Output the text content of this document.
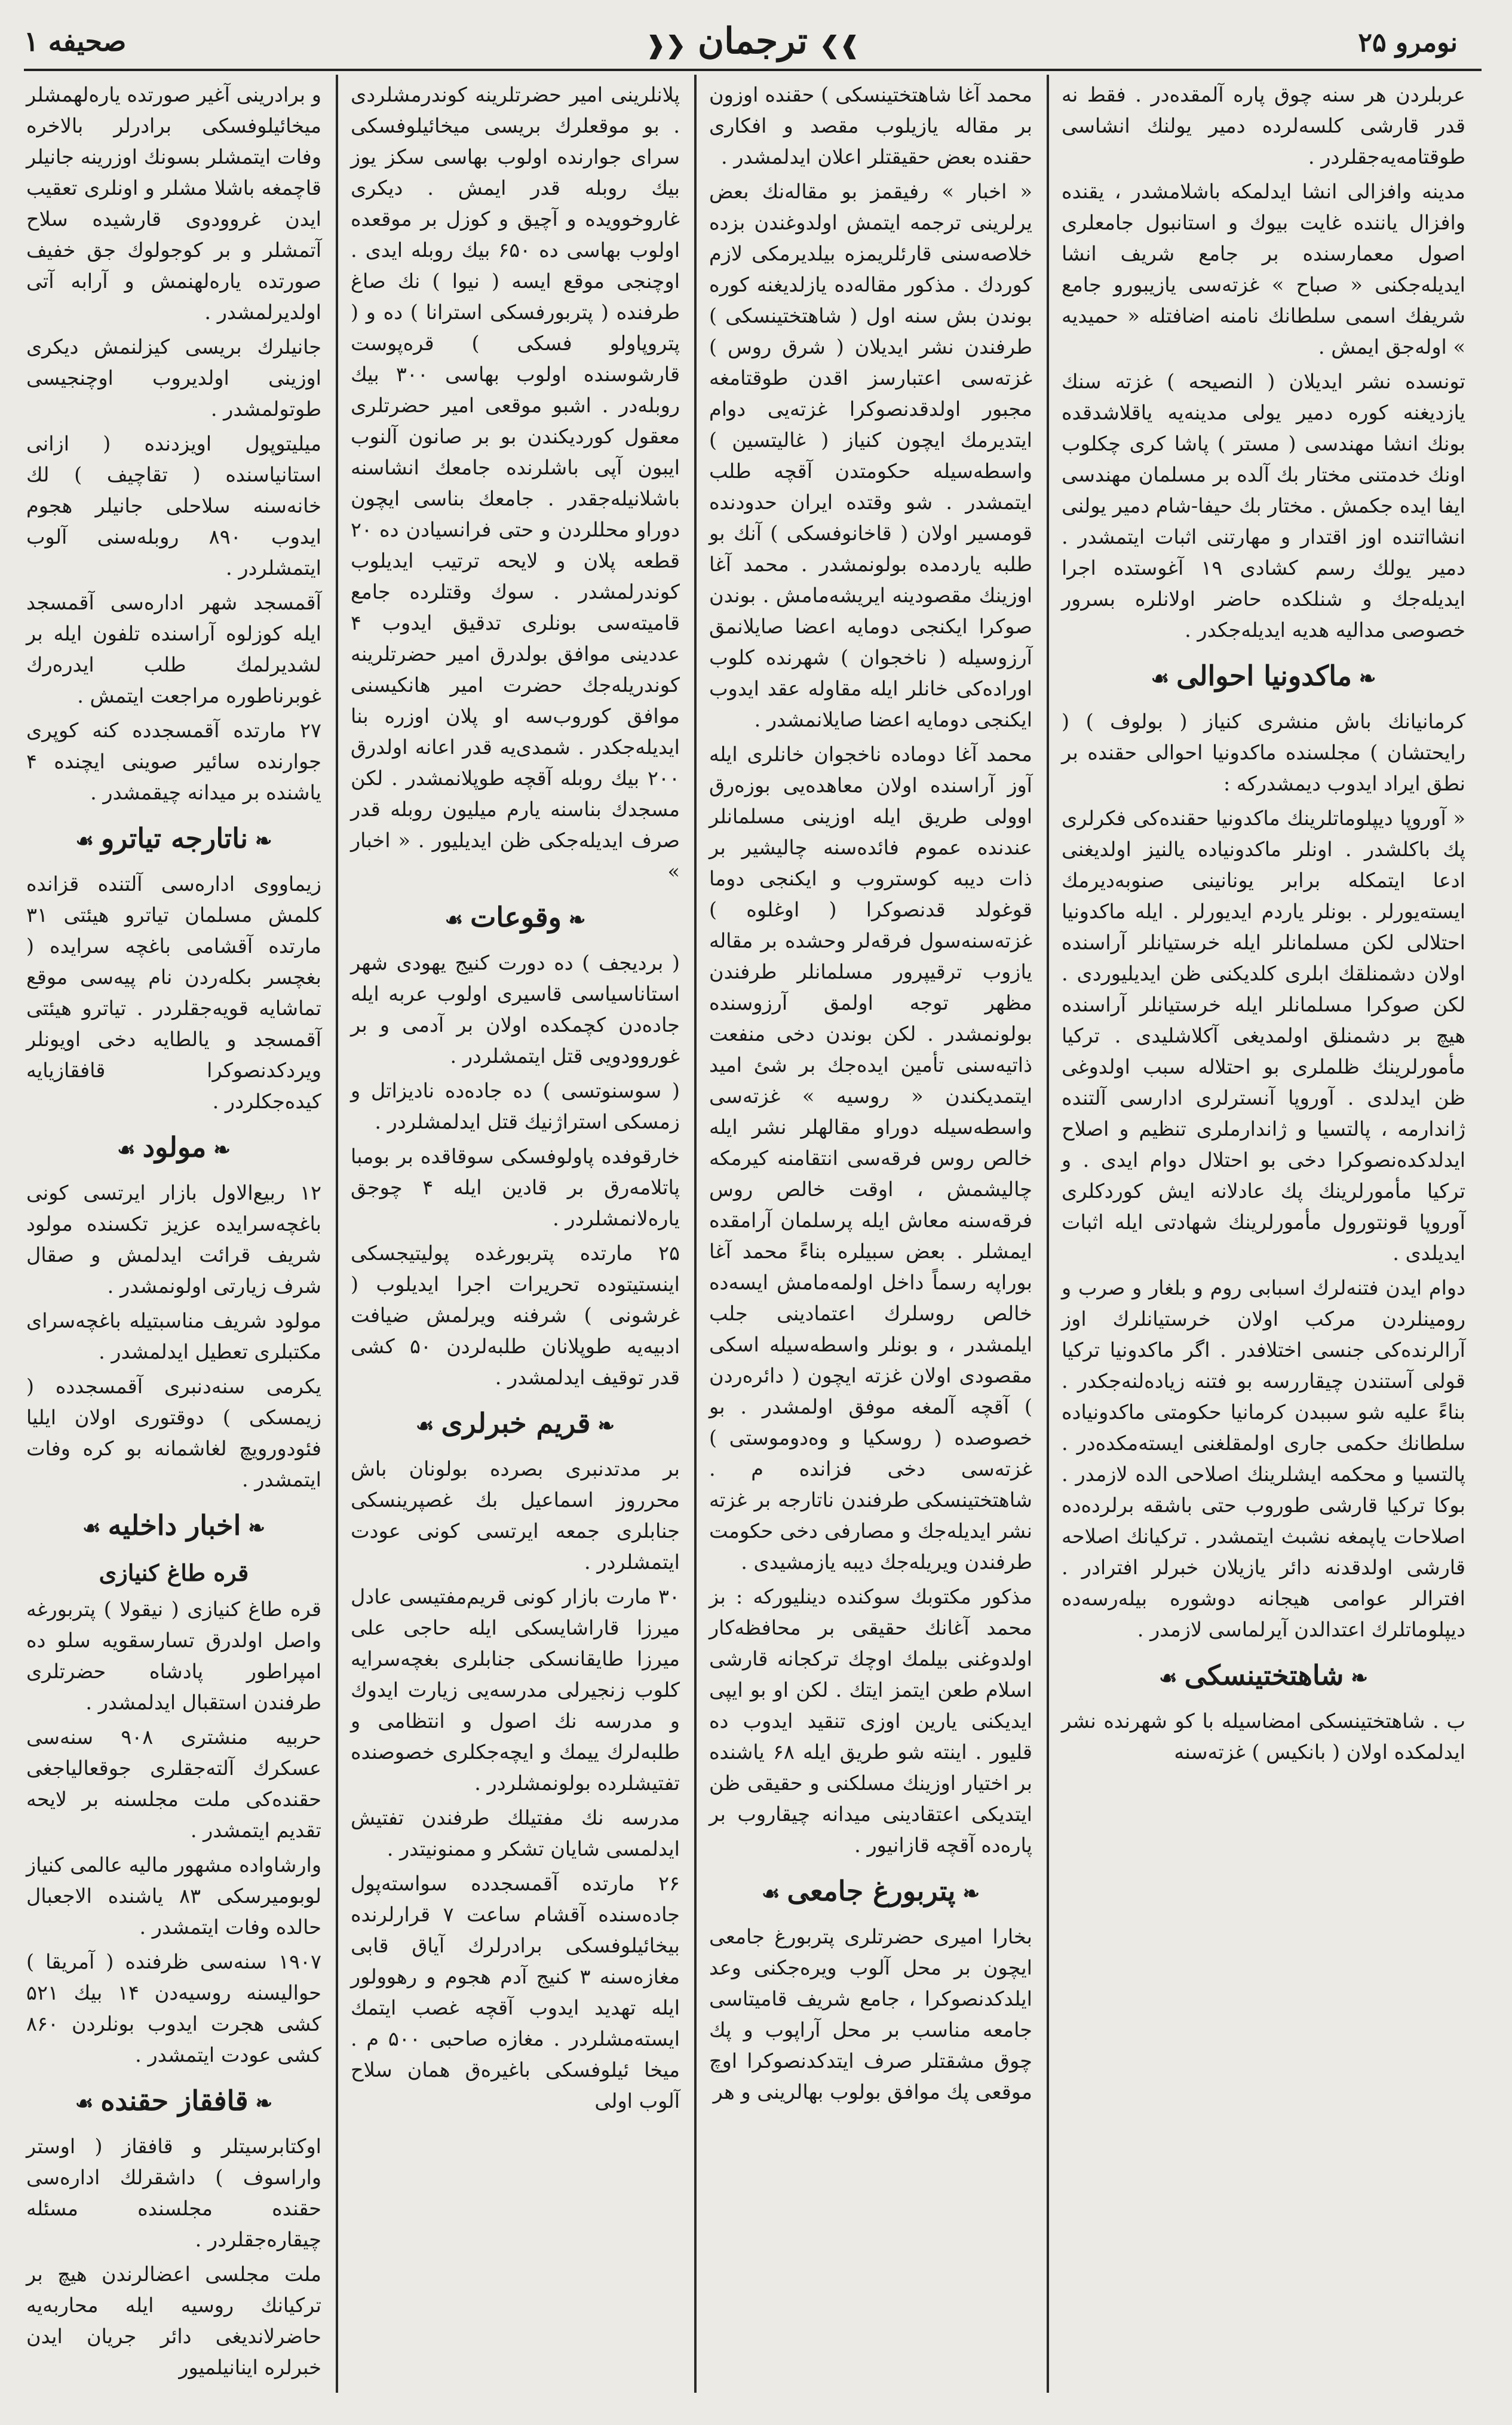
صحیفه ۱	❱❯ترجمان❮❰	نومرو ۲۵

عربلردن هر سنه چوق پاره آلمقده‌در . فقط نه قدر قارشی کلسه‌لرده دمیر یولنك انشاسی طوقتامه‌یه‌جقلردر .

مدینه وافزالی انشا ایدلمکه باشلامشدر ، یقنده وافزال یاننده غایت بیوك و استانبول جامعلری اصول معمارسنده بر جامع شریف انشا ایدیله‌جکنی « صباح » غزته‌سی یازیبورو جامع شریفك اسمی سلطانك نامنه اضافتله « حمیدیه » اوله‌جق ایمش .

تونسده نشر ایدیلان ( النصیحه ) غزته سنك یازدیغنه کوره دمیر یولی مدینه‌یه یاقلاشدقده بونك انشا مهندسی ( مستر ) پاشا کری چکلوب اونك خدمتنی مختار بك آلده بر مسلمان مهندسی ایفا ایده جکمش . مختار بك حیفا-شام دمیر یولنی انشااتنده اوز اقتدار و مهارتنی اثبات ایتمشدر . دمیر یولك رسم کشادی ۱۹ آغوستده اجرا ایدیله‌جك و شنلکده حاضر اولانلره بسرور خصوصی مدالیه هدیه ایدیله‌جکدر .

❧ماکدونیا احوالی☙

کرمانیانك باش منشری کنیاز ( بولوف ) ( رایحتشان ) مجلسنده ماکدونیا احوالی حقنده بر نطق ایراد ایدوب دیمشدرکه :

« آوروپا دیپلوماتلرینك ماکدونیا حقنده‌کی فکرلری پك باکلشدر . اونلر ماکدونیاده یالنیز اولدیغنی ادعا ایتمکله برابر یونانینی صنوبه‌دیرمك ایسته‌یورلر . بونلر یاردم ایدیورلر . ایله ماکدونیا احتلالی لکن مسلمانلر ایله خرستیانلر آراسنده اولان دشمنلقك ابلری کلدیکنی ظن ایدیلیوردی . لکن صوکرا مسلمانلر ایله خرستیانلر آراسنده هیچ بر دشمنلق اولمدیغی آکلاشلیدی . ترکیا مأمورلرینك ظلملری بو احتلاله سبب اولدوغی ظن ایدلدی . آوروپا آنسترلری ادارسی آلتنده ژاندارمه ، پالتسیا و ژاندارملری تنظیم و اصلاح ایدلدکده‌نصوکرا دخی بو احتلال دوام ایدی . و ترکیا مأمورلرینك پك عادلانه ایش کوردکلری آوروپا قونتورول مأمورلرینك شهادتی ایله اثبات ایدیلدی .

دوام ایدن فتنه‌لرك اسبابی روم و بلغار و صرب و رومینلردن مرکب اولان خرستیانلرك اوز آرالرنده‌کی جنسی اختلافدر . اگر ماکدونیا ترکیا قولی آستندن چیقاررسه بو فتنه زیاده‌لنه‌جکدر . بناءً علیه شو سببدن کرمانیا حکومتی ماکدونیاده سلطانك حکمی جاری اولمقلغنی ایسته‌مکده‌در . پالتسیا و محکمه ایشلرینك اصلاحی الده لازمدر . بوکا ترکیا قارشی طوروب حتی باشقه برلرده‌ده اصلاحات یاپمغه نشبث ایتمشدر . ترکیانك اصلاحه قارشی اولدقدنه دائر یازیلان خبرلر افترادر . افترالر عوامی هیجانه دوشوره بیله‌رسه‌ده دیپلوماتلرك اعتدالدن آیرلماسی لازمدر .

❧شاهتختینسکی☙

ب . شاهتختینسکی امضاسیله با کو شهرنده نشر ایدلمکده اولان ( بانکیس ) غزته‌سنه

محمد آغا شاهتختینسکی ) حقنده اوزون بر مقاله یازیلوب مقصد و افکاری حقنده بعض حقیقتلر اعلان ایدلمشدر .

« اخبار » رفیقمز بو مقاله‌نك بعض یرلرینی ترجمه ایتمش اولدوغندن بزده خلاصه‌سنی قارئلریمزه بیلدیرمکی لازم کوردك . مذکور مقاله‌ده یازلدیغنه کوره بوندن بش سنه اول ( شاهتختینسکی ) طرفندن نشر ایدیلان ( شرق روس ) غزته‌سی اعتبارسز اقدن طوقتامغه مجبور اولدقدنصوکرا غزته‌یی دوام ایتدیرمك ایچون کنیاز ( غالیتسین ) واسطه‌سیله حکومتدن آقچه طلب ایتمشدر . شو وقتده ایران حدودنده قومسیر اولان ( قاخانوفسکی ) آنك بو طلبه یاردمده بولونمشدر . محمد آغا اوزینك مقصودینه ایریشه‌مامش . بوندن صوکرا ایکنجی دومایه اعضا صایلانمق آرزوسیله ( ناخجوان ) شهرنده کلوب اوراده‌کی خانلر ایله مقاوله عقد ایدوب ایکنجی دومایه اعضا صایلانمشدر .

محمد آغا دوماده ناخجوان خانلری ایله آوز آراسنده اولان معاهده‌یی بوزه‌رق اوولی طریق ایله اوزینی مسلمانلر عندنده عموم فائده‌سنه چالیشیر بر ذات دیبه کوستروب و ایکنجی دوما قوغولد قدنصوکرا ( اوغلوه ) غزته‌سنه‌سول فرقه‌لر وحشده بر مقاله یازوب ترقیپرور مسلمانلر طرفندن مظهر توجه اولمق آرزوسنده بولونمشدر . لکن بوندن دخی منفعت ذاتیه‌سنی تأمین ایده‌جك بر شئ امید ایتمدیکندن « روسیه » غزته‌سی واسطه‌سیله دوراو مقالهلر نشر ایله خالص روس فرقه‌سی انتقامنه کیرمکه چالیشمش ، اوقت خالص روس فرقه‌سنه معاش ایله پرسلمان آرامقده ایمشلر . بعض سبیلره بناءً محمد آغا بوراپه رسماً داخل اولمه‌مامش ایسه‌ده خالص روسلرك اعتمادینی جلب ایلمشدر ، و بونلر واسطه‌سیله اسکی مقصودی اولان غزته ایچون ( دائره‌ردن ) آقچه آلمغه موفق اولمشدر . بو خصوصده ( روسکیا و وه‌دوموستی ) غزته‌سی دخی فزانده م . شاهتختینسکی طرفندن ناتارجه بر غزته نشر ایدیله‌جك و مصارفی دخی حکومت طرفندن ویریله‌جك دیبه یازمشیدی .

مذکور مکتوبك سوکنده دینلیورکه : بز محمد آغانك حقیقی بر محافظه‌کار اولدوغنی بیلمك اوچك ترکجانه قارشی اسلام طعن ایتمز ایتك . لکن او بو ایپی ایدیکنی یارین اوزی تنقید ایدوب ده قلیور . اینته شو طریق ایله ۶۸ یاشنده بر اختیار اوزینك مسلکنی و حقیقی ظن ایتدیکی اعتقادینی میدانه چیقاروب بر پاره‌ده آقچه قازانیور .

❧پتربورغ جامعی☙

بخارا امیری حضرتلری پتربورغ جامعی ایچون بر محل آلوب ویره‌جکنی وعد ایلدکدنصوکرا ، جامع شریف قامیتاسی جامعه مناسب بر محل آراپوب و پك چوق مشقتلر صرف ایتدکدنصوکرا اوچ موقعی پك موافق بولوب بهالرینی و هر

پلانلرینی امیر حضرتلرینه کوندرمشلردی . بو موقعلرك بریسی میخائیلوفسکی سرای جوارنده اولوب بهاسی سکز یوز بیك روبله قدر ایمش . دیکری غاروخوویده و آچیق و کوزل بر موقعده اولوب بهاسی ده ۶۵۰ بیك روبله ایدی . اوچنجی موقع ایسه ( نیوا ) نك صاغ طرفنده ( پتربورفسکی استرانا ) ده و ( پتروپاولو فسکی ) قره‌پوست قارشوسنده اولوب بهاسی ۳۰۰ بیك روبله‌در . اشبو موقعی امیر حضرتلری معقول کوردیکندن بو بر صانون آلنوب ایبون آپی باشلرنده جامعك انشاسنه باشلانیله‌جقدر . جامعك بناسی ایچون دوراو محللردن و حتی فرانسیادن ده ۲۰ قطعه پلان و لایحه ترتیب ایدیلوب کوندرلمشدر . سوك وقتلرده جامع قامیته‌سی بونلری تدقیق ایدوب ۴ عددینی موافق بولدرق امیر حضرتلرینه کوندریله‌جك حضرت امیر هانکیسنی موافق کوروب‌سه او پلان اوزره بنا ایدیله‌جکدر . شمدی‌یه قدر اعانه اولدرق ۲۰۰ بیك روبله آقچه طوپلانمشدر . لکن مسجدك بناسنه یارم میلیون روبله قدر صرف ایدیله‌جکی ظن ایدیلیور . « اخبار »

❧وقوعات☙

( بردیجف ) ده دورت کنیج یهودی شهر استاناسیاسی قاسیری اولوب عربه ایله جاده‌دن کچمکده اولان بر آدمی و بر غوروودویی قتل ایتمشلردر .

( سوسنوتسی ) ده جاده‌ده نادیزاتل و زمسکی استراژنیك قتل ایدلمشلردر .

خارقوفده پاولوفسکی سوقاقده بر بومبا پاتلامه‌رق بر قادین ایله ۴ چوجق یاره‌لانمشلردر .

۲۵ مارتده پتربورغده پولیتیجسکی اینستیتوده تحریرات اجرا ایدیلوب ( غرشونی ) شرفنه ویرلمش ضیافت ادبیه‌یه طوپلانان طلبه‌لردن ۵۰ کشی قدر توقیف ایدلمشدر .

❧قریم خبرلری☙

بر مدتدنبری بصرده بولونان باش محرروز اسماعیل بك غصپرینسکی جنابلری جمعه ایرتسی کونی عودت ایتمشلردر .

۳۰ مارت بازار کونی قریم‌مفتیسی عادل میرزا قاراشایسکی ایله حاجی علی میرزا طایقانسکی جنابلری بغچه‌سرایه کلوب زنجیرلی مدرسه‌یی زیارت ایدوك و مدرسه نك اصول و انتظامی و طلبه‌لرك ییمك و ایچه‌جکلری خصوصنده تفتیشلرده بولونمشلردر .

مدرسه نك مفتیلك طرفندن تفتیش ایدلمسی شایان تشکر و ممنونیتدر .

۲۶ مارتده آقمسجدده سواسته‌پول جاده‌سنده آقشام ساعت ۷ قرارلرنده بیخائیلوفسکی برادرلرك آیاق قابی مغازه‌سنه ۳ کنیج آدم هجوم و رهوولور ایله تهدید ایدوب آقچه غصب ایتمك ایسته‌مشلردر . مغازه صاحبی ۵۰۰ م . میخا ئیلوفسکی باغیره‌ق همان سلاح آلوب اولی

و برادرینی آغیر صورتده یاره‌لهمشلر میخائیلوفسکی برادرلر بالاخره وفات ایتمشلر بسونك اوزرینه جانیلر قاچمغه باشلا مشلر و اونلری تعقیب ایدن غروودوی قارشیده سلاح آتمشلر و بر کوجولوك جق خفیف صورتده یاره‌لهنمش و آرابه آتی اولدیرلمشدر .

جانیلرك بریسی کیزلنمش دیکری اوزینی اولدیروب اوچنجیسی طوتولمشدر .

میلیتوپول اویزدنده ( ازانی استانیاسنده ( تقاچیف ) لك خانه‌سنه سلاحلی جانیلر هجوم ایدوب ۸۹۰ روبله‌سنی آلوب ایتمشلردر .

آقمسجد شهر اداره‌سی آقمسجد ایله کوزلوه آراسنده تلفون ایله بر لشدیرلمك طلب ایدره‌رك غوبرناطوره مراجعت ایتمش .

۲۷ مارتده آقمسجدده کنه کوپری جوارنده سائیر صوینی ایچنده ۴ یاشنده بر میدانه چیقمشدر .

❧ناتارجه تیاترو☙

زیماووی اداره‌سی آلتنده قزانده کلمش مسلمان تیاترو هیئتی ۳۱ مارتده آقشامی باغچه سرایده ( بغچسر بکله‌ردن نام پیه‌سی موقع تماشایه قویه‌جقلردر . تیاترو هیئتی آقمسجد و یالطایه دخی اویونلر ویردکدنصوکرا قافقازیایه کیده‌جکلردر .

❧مولود☙

۱۲ ربیع‌الاول بازار ایرتسی کونی باغچه‌سرایده عزیز تکسنده مولود شریف قرائت ایدلمش و صقال شرف زیارتی اولونمشدر .

مولود شریف مناسبتیله باغچه‌سرای مکتبلری تعطیل ایدلمشدر .

یکرمی سنه‌دنبری آقمسجدده ( زیمسکی ) دوقتوری اولان ایلیا فئودورویچ لغاشمانه بو کره وفات ایتمشدر .

❧اخبار داخلیه☙
قره طاغ کنیازی

قره طاغ کنیازی ( نیقولا ) پتربورغه واصل اولدرق تسارسقویه سلو ده امپراطور پادشاه حضرتلری طرفندن استقبال ایدلمشدر .

حربیه منشتری ۹۰۸ سنه‌سی عسکرك آلته‌جقلری جوقعالیاجغی حقنده‌کی ملت مجلسنه بر لایحه تقدیم ایتمشدر .

وارشاواده مشهور مالیه عالمی کنیاز لوبومیرسکی ۸۳ یاشنده الاجعبال حالده وفات ایتمشدر .

۱۹۰۷ سنه‌سی ظرفنده ( آمریقا ) حوالیسنه روسیه‌دن ۱۴ بیك ۵۲۱ کشی هجرت ایدوب بونلردن ۸۶۰ کشی عودت ایتمشدر .

❧قافقاز حقنده☙

اوکتابرسیتلر و قافقاز ( اوستر واراسوف ) داشقرلك اداره‌سی حقنده مجلسنده مسئله چیقاره‌جقلردر .

ملت مجلسی اعضالرندن هیچ بر ترکیانك روسیه ایله محاربه‌یه حاضرلاندیغی دائر جریان ایدن خبرلره اینانیلمیور
